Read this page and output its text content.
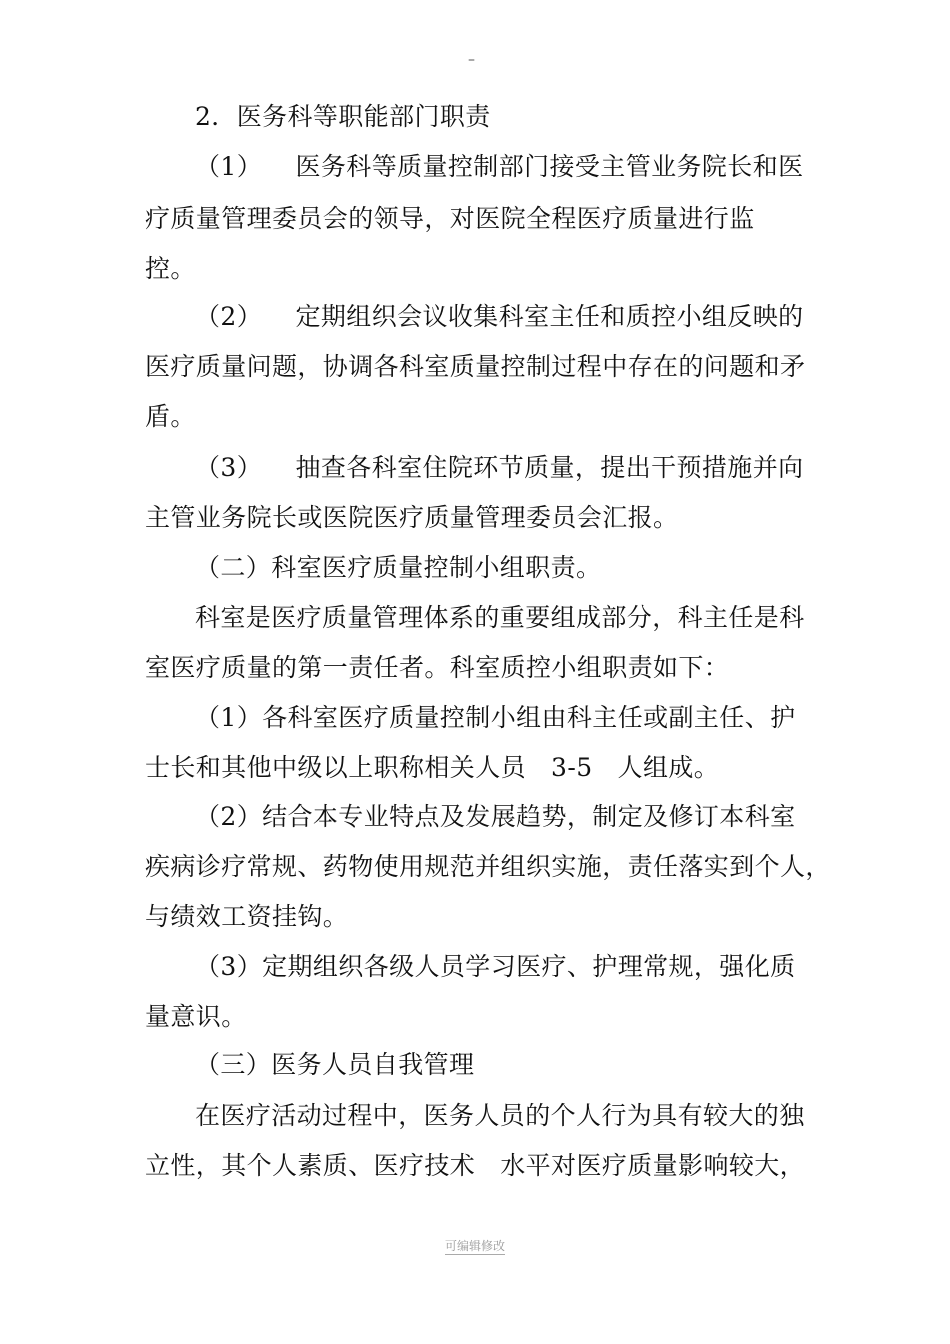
–
2．医务科等职能部门职责
（1）    医务科等质量控制部门接受主管业务院长和医
疗质量管理委员会的领导，对医院全程医疗质量进行监
控。
（2）    定期组织会议收集科室主任和质控小组反映的
医疗质量问题，协调各科室质量控制过程中存在的问题和矛
盾。
（3）    抽查各科室住院环节质量，提出干预措施并向
主管业务院长或医院医疗质量管理委员会汇报。
（二）科室医疗质量控制小组职责。
科室是医疗质量管理体系的重要组成部分，科主任是科
室医疗质量的第一责任者。科室质控小组职责如下：
（1）各科室医疗质量控制小组由科主任或副主任、护
士长和其他中级以上职称相关人员   3-5   人组成。
（2）结合本专业特点及发展趋势，制定及修订本科室
疾病诊疗常规、药物使用规范并组织实施，责任落实到个人，
与绩效工资挂钩。
（3）定期组织各级人员学习医疗、护理常规，强化质
量意识。
（三）医务人员自我管理
在医疗活动过程中，医务人员的个人行为具有较大的独
立性，其个人素质、医疗技术   水平对医疗质量影响较大，
可编辑修改
